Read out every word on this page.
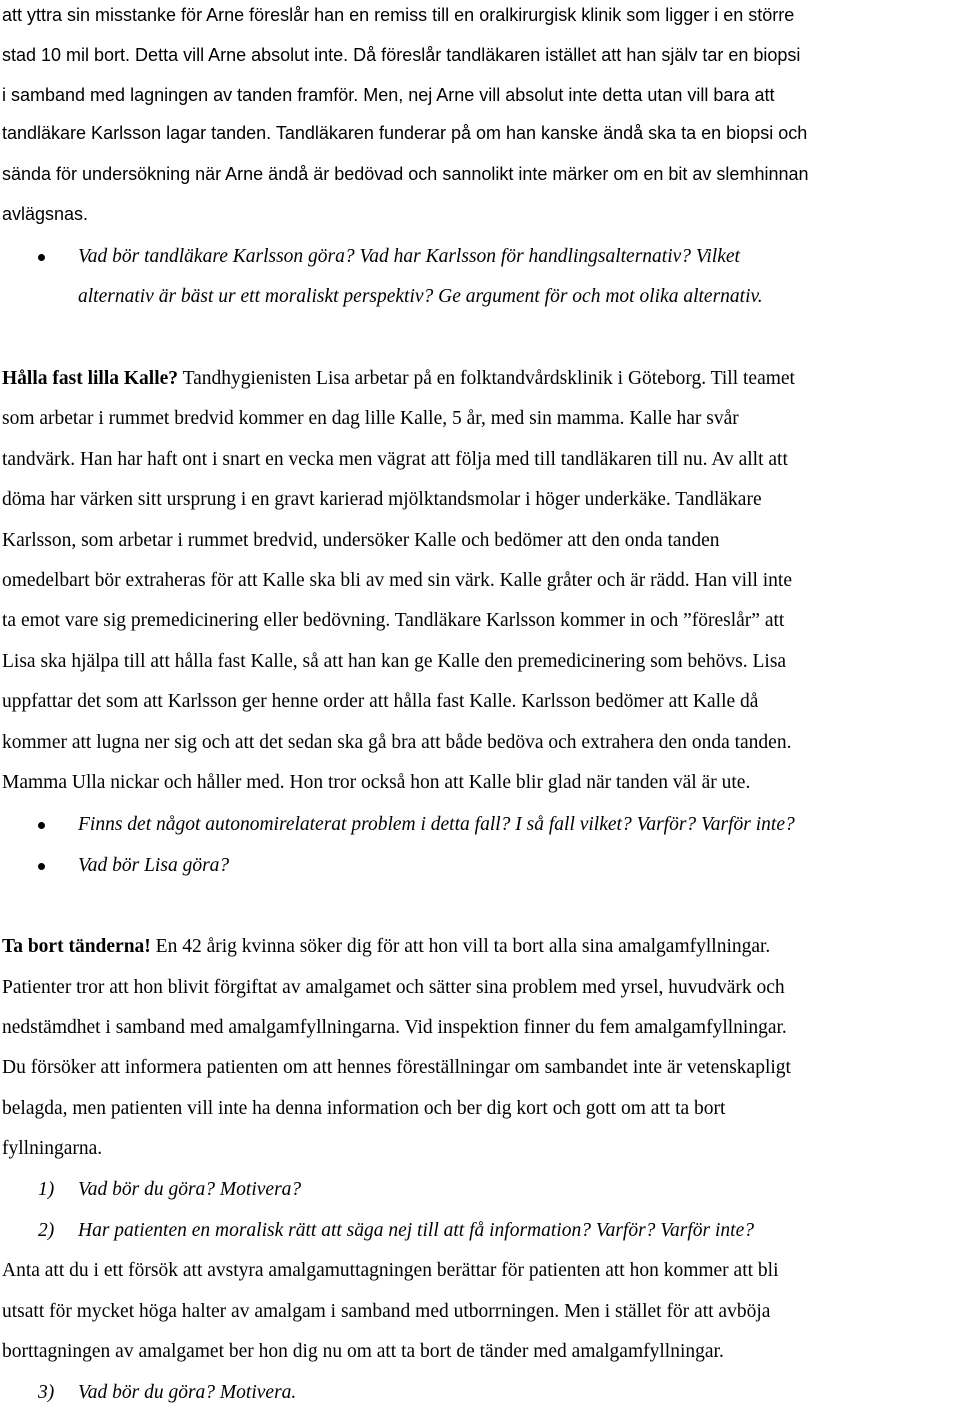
att yttra sin misstanke för Arne föreslår han en remiss till en oralkirurgisk klinik som ligger i en större

stad 10 mil bort. Detta vill Arne absolut inte. Då föreslår tandläkaren istället att han själv tar en biopsi

i samband med lagningen av tanden framför. Men, nej Arne vill absolut inte detta utan vill bara att

tandläkare Karlsson lagar tanden. Tandläkaren funderar på om han kanske ändå ska ta en biopsi och

sända för undersökning när Arne ändå är bedövad och sannolikt inte märker om en bit av slemhinnan

avlägsnas.

Vad bör tandläkare Karlsson göra? Vad har Karlsson för handlingsalternativ? Vilket

alternativ är bäst ur ett moraliskt perspektiv? Ge argument för och mot olika alternativ.

Hålla fast lilla Kalle? Tandhygienisten Lisa arbetar på en folktandvårdsklinik i Göteborg. Till teamet

som arbetar i rummet bredvid kommer en dag lille Kalle, 5 år, med sin mamma. Kalle har svår

tandvärk. Han har haft ont i snart en vecka men vägrat att följa med till tandläkaren till nu. Av allt att

döma har värken sitt ursprung i en gravt karierad mjölktandsmolar i höger underkäke. Tandläkare

Karlsson, som arbetar i rummet bredvid, undersöker Kalle och bedömer att den onda tanden

omedelbart bör extraheras för att Kalle ska bli av med sin värk. Kalle gråter och är rädd. Han vill inte

ta emot vare sig premedicinering eller bedövning. Tandläkare Karlsson kommer in och ”föreslår” att

Lisa ska hjälpa till att hålla fast Kalle, så att han kan ge Kalle den premedicinering som behövs. Lisa

uppfattar det som att Karlsson ger henne order att hålla fast Kalle. Karlsson bedömer att Kalle då

kommer att lugna ner sig och att det sedan ska gå bra att både bedöva och extrahera den onda tanden.

Mamma Ulla nickar och håller med. Hon tror också hon att Kalle blir glad när tanden väl är ute.

Finns det något autonomirelaterat problem i detta fall? I så fall vilket? Varför? Varför inte?

Vad bör Lisa göra?

Ta bort tänderna! En 42 årig kvinna söker dig för att hon vill ta bort alla sina amalgamfyllningar.

Patienter tror att hon blivit förgiftat av amalgamet och sätter sina problem med yrsel, huvudvärk och

nedstämdhet i samband med amalgamfyllningarna. Vid inspektion finner du fem amalgamfyllningar.

Du försöker att informera patienten om att hennes föreställningar om sambandet inte är vetenskapligt

belagda, men patienten vill inte ha denna information och ber dig kort och gott om att ta bort

fyllningarna.

1) Vad bör du göra? Motivera?

2) Har patienten en moralisk rätt att säga nej till att få information? Varför? Varför inte?

Anta att du i ett försök att avstyra amalgamuttagningen berättar för patienten att hon kommer att bli

utsatt för mycket höga halter av amalgam i samband med utborrningen. Men i stället för att avböja

borttagningen av amalgamet ber hon dig nu om att ta bort de tänder med amalgamfyllningar.

3) Vad bör du göra? Motivera.
